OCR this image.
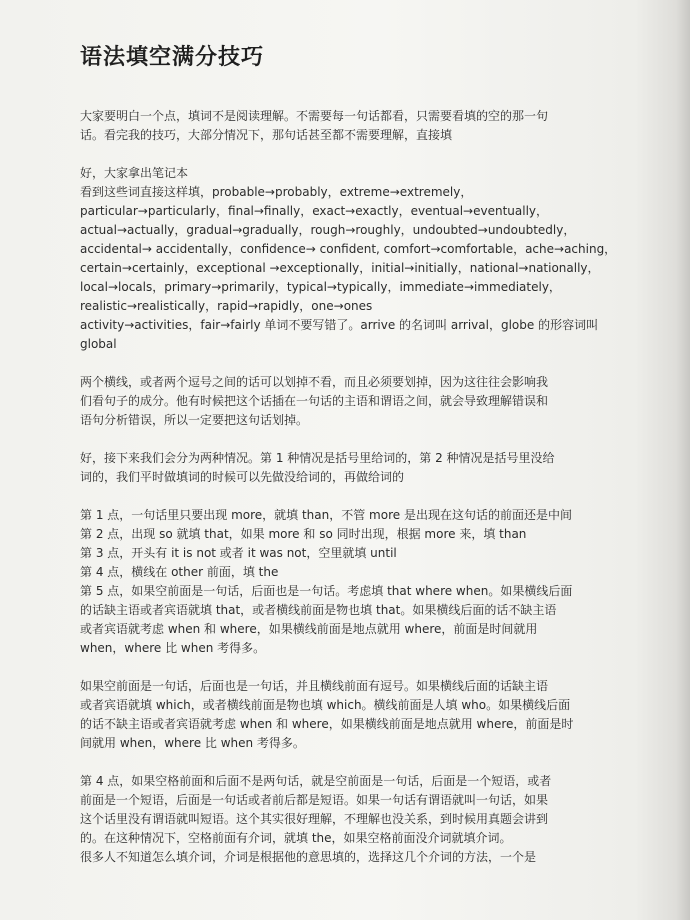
语法填空满分技巧
大家要明白一个点，填词不是阅读理解。不需要每一句话都看，只需要看填的空的那一句
话。看完我的技巧，大部分情况下，那句话甚至都不需要理解，直接填
好，大家拿出笔记本
看到这些词直接这样填，probable→probably，extreme→extremely，
particular→particularly，final→finally，exact→exactly，eventual→eventually，
actual→actually，gradual→gradually，rough→roughly，undoubted→undoubtedly，
accidental→ accidentally，confidence→ confident, comfort→comfortable，ache→aching，
certain→certainly，exceptional →exceptionally，initial→initially，national→nationally，
local→locals，primary→primarily，typical→typically，immediate→immediately，
realistic→realistically，rapid→rapidly，one→ones
activity→activities，fair→fairly 单词不要写错了。arrive 的名词叫 arrival，globe 的形容词叫
global
两个横线，或者两个逗号之间的话可以划掉不看，而且必须要划掉，因为这往往会影响我
们看句子的成分。他有时候把这个话插在一句话的主语和谓语之间，就会导致理解错误和
语句分析错误，所以一定要把这句话划掉。
好，接下来我们会分为两种情况。第 1 种情况是括号里给词的，第 2 种情况是括号里没给
词的，我们平时做填词的时候可以先做没给词的，再做给词的
第 1 点，一句话里只要出现 more，就填 than，不管 more 是出现在这句话的前面还是中间
第 2 点，出现 so 就填 that，如果 more 和 so 同时出现，根据 more 来，填 than
第 3 点，开头有 it is not 或者 it was not，空里就填 until
第 4 点，横线在 other 前面，填 the
第 5 点，如果空前面是一句话，后面也是一句话。考虑填 that where when。如果横线后面
的话缺主语或者宾语就填 that，或者横线前面是物也填 that。如果横线后面的话不缺主语
或者宾语就考虑 when 和 where，如果横线前面是地点就用 where，前面是时间就用
when，where 比 when 考得多。
如果空前面是一句话，后面也是一句话，并且横线前面有逗号。如果横线后面的话缺主语
或者宾语就填 which，或者横线前面是物也填 which。横线前面是人填 who。如果横线后面
的话不缺主语或者宾语就考虑 when 和 where，如果横线前面是地点就用 where，前面是时
间就用 when，where 比 when 考得多。
第 4 点，如果空格前面和后面不是两句话，就是空前面是一句话，后面是一个短语，或者
前面是一个短语，后面是一句话或者前后都是短语。如果一句话有谓语就叫一句话，如果
这个话里没有谓语就叫短语。这个其实很好理解，不理解也没关系，到时候用真题会讲到
的。在这种情况下，空格前面有介词，就填 the，如果空格前面没介词就填介词。
很多人不知道怎么填介词，介词是根据他的意思填的，选择这几个介词的方法，一个是
